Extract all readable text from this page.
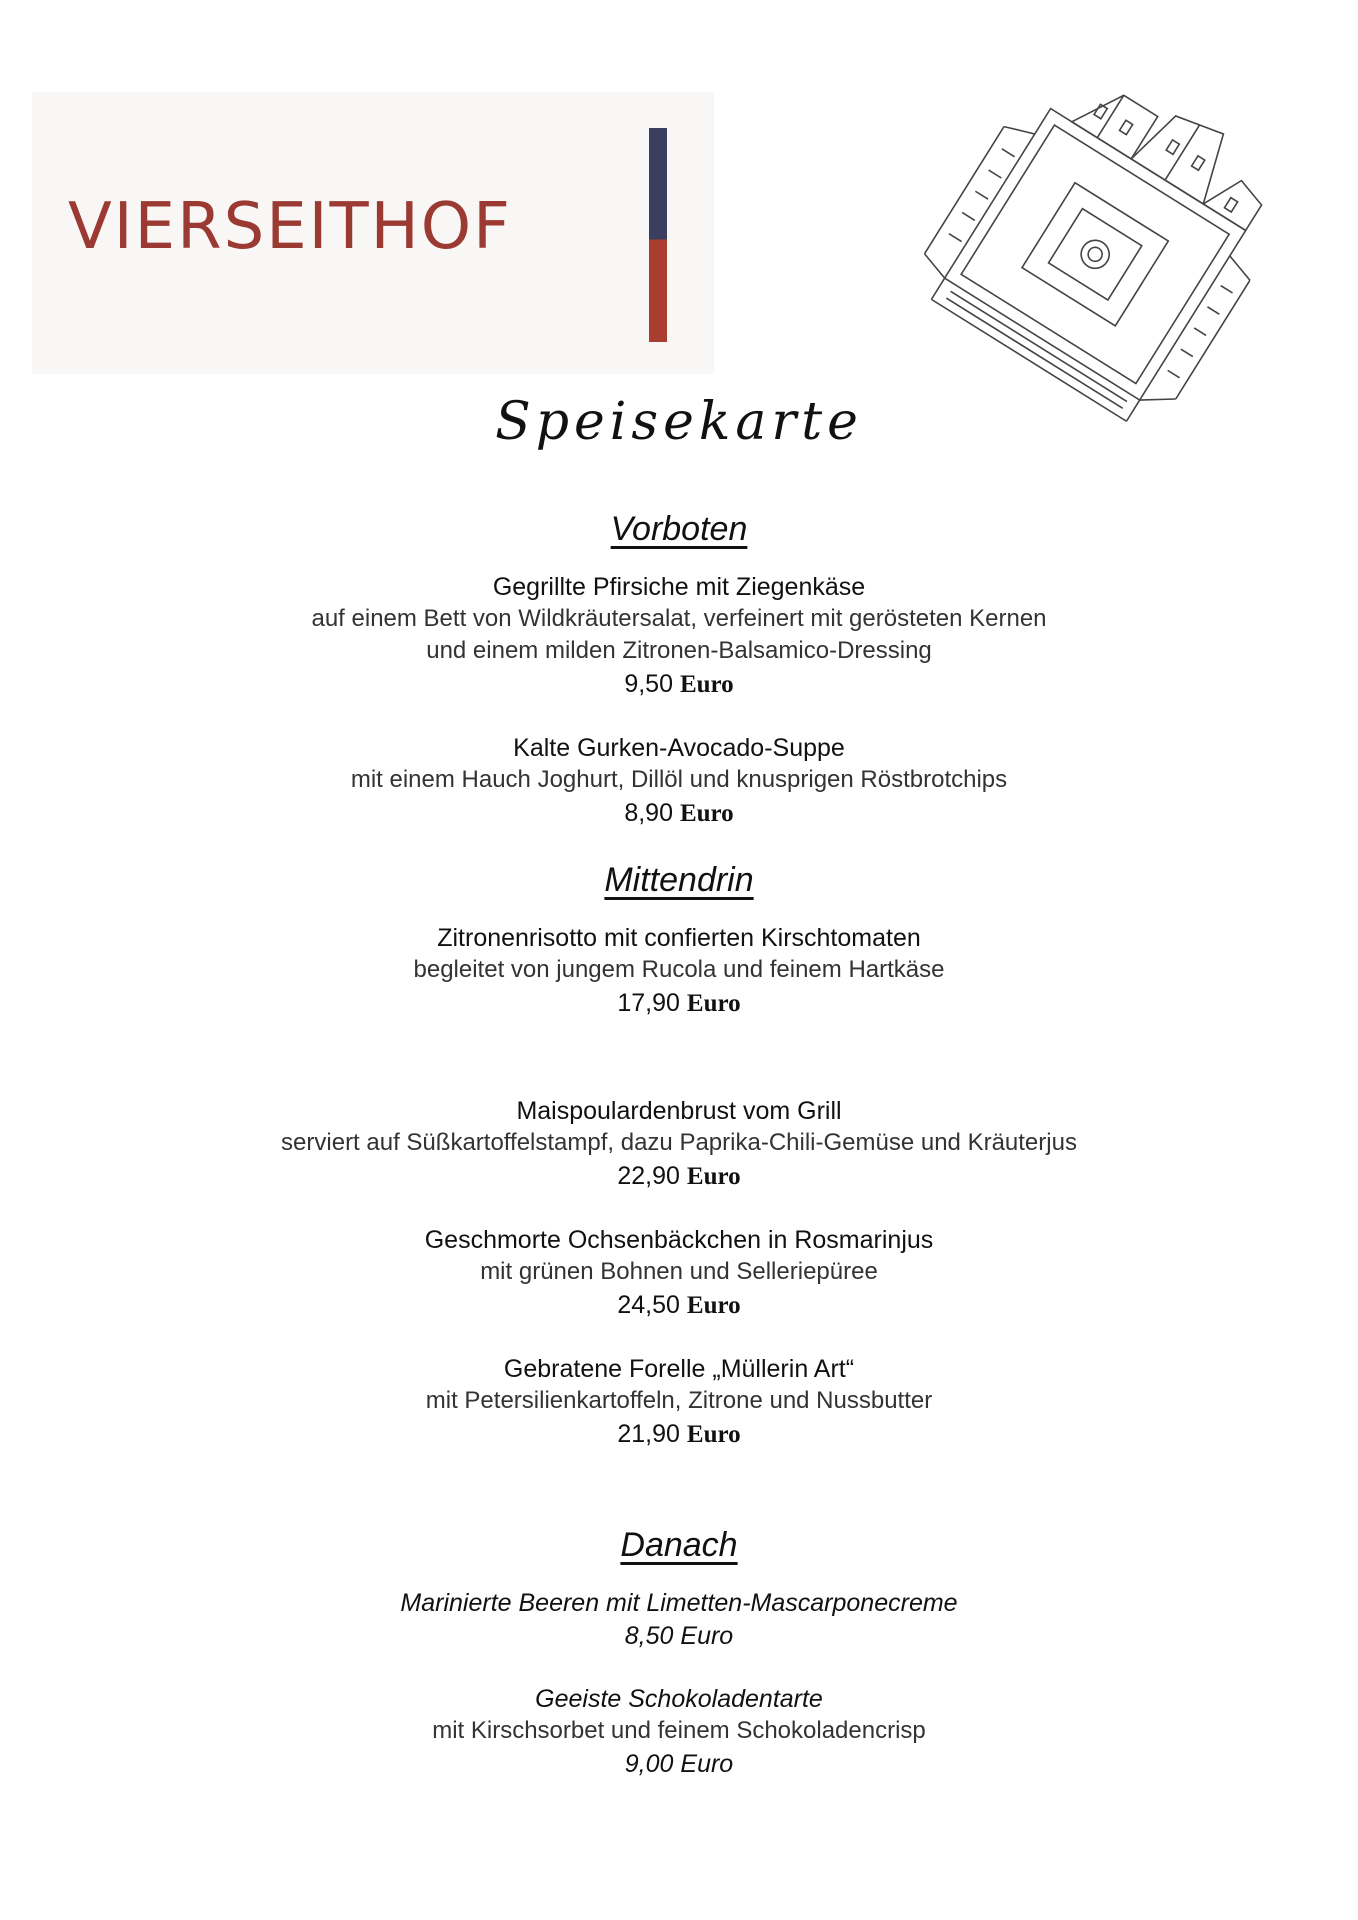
VIERSEITHOF
Speisekarte
Vorboten
Gegrillte Pfirsiche mit Ziegenkäse
auf einem Bett von Wildkräutersalat, verfeinert mit gerösteten Kernen
und einem milden Zitronen-Balsamico-Dressing
9,50 Euro
Kalte Gurken-Avocado-Suppe
mit einem Hauch Joghurt, Dillöl und knusprigen Röstbrotchips
8,90 Euro
Mittendrin
Zitronenrisotto mit confierten Kirschtomaten
begleitet von jungem Rucola und feinem Hartkäse
17,90 Euro
Maispoulardenbrust vom Grill
serviert auf Süßkartoffelstampf, dazu Paprika-Chili-Gemüse und Kräuterjus
22,90 Euro
Geschmorte Ochsenbäckchen in Rosmarinjus
mit grünen Bohnen und Selleriepüree
24,50 Euro
Gebratene Forelle „Müllerin Art“
mit Petersilienkartoffeln, Zitrone und Nussbutter
21,90 Euro
Danach
Marinierte Beeren mit Limetten-Mascarponecreme
8,50 Euro
Geeiste Schokoladentarte
mit Kirschsorbet und feinem Schokoladencrisp
9,00 Euro
